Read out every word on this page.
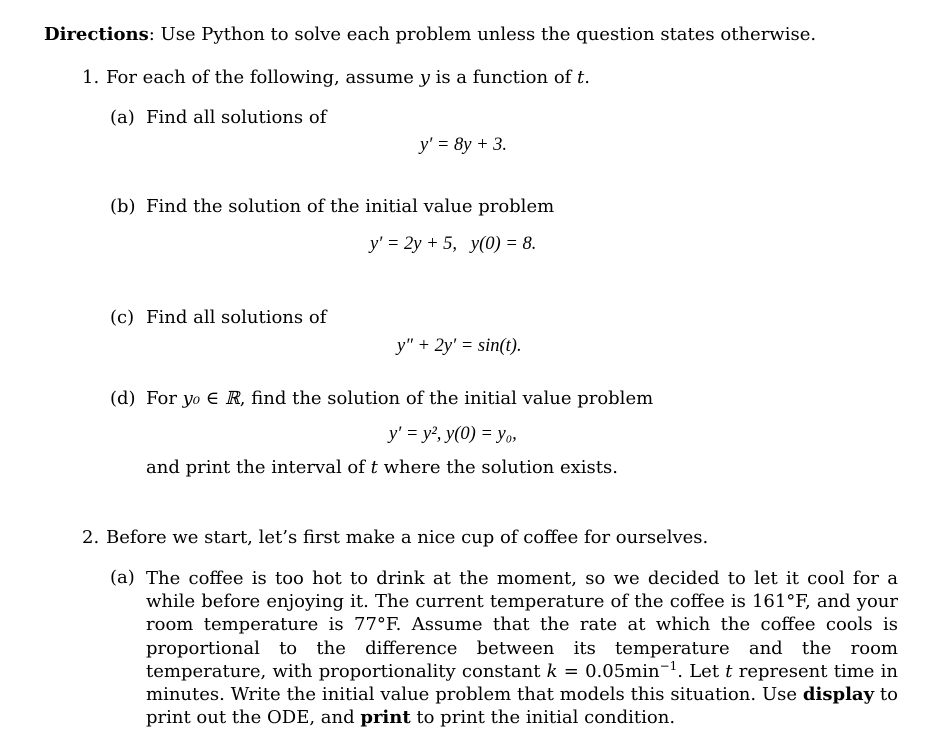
Directions: Use Python to solve each problem unless the question states otherwise.
1. For each of the following, assume y is a function of t.
(a) Find all solutions of
y′ = 8y + 3.
(b) Find the solution of the initial value problem
y′ = 2y + 5,   y(0) = 8.
(c) Find all solutions of
y″ + 2y′ = sin(t).
(d) For y₀ ∈ ℝ, find the solution of the initial value problem
y′ = y², y(0) = y₀,
and print the interval of t where the solution exists.
2. Before we start, let’s first make a nice cup of coffee for ourselves.
(a) The coffee is too hot to drink at the moment, so we decided to let it cool for a while before enjoying it. The current temperature of the coffee is 161°F, and your room temperature is 77°F. Assume that the rate at which the coffee cools is proportional to the difference between its temperature and the room temperature, with proportionality constant $k = 0.05\min^{-1}$. Let t represent time in minutes. Write the initial value problem that models this situation. Use display to print out the ODE, and print to print the initial condition.
